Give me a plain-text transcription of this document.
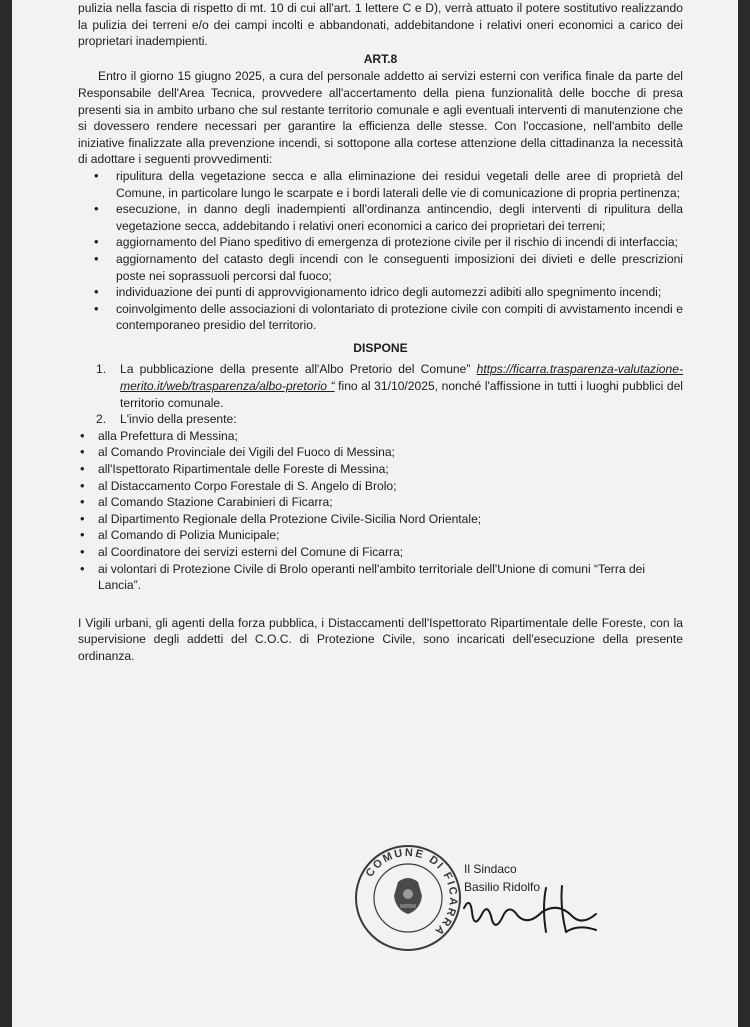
pulizia nella fascia di rispetto di mt. 10 di cui all'art. 1 lettere C e D), verrà attuato il potere sostitutivo realizzando la pulizia dei terreni e/o dei campi incolti e abbandonati, addebitandone i relativi oneri economici a carico dei proprietari inadempienti.

ART.8

Entro il giorno 15 giugno 2025, a cura del personale addetto ai servizi esterni con verifica finale da parte del Responsabile dell'Area Tecnica, provvedere all'accertamento della piena funzionalità delle bocche di presa presenti sia in ambito urbano che sul restante territorio comunale e agli eventuali interventi di manutenzione che si dovessero rendere necessari per garantire la efficienza delle stesse. Con l'occasione, nell'ambito delle iniziative finalizzate alla prevenzione incendi, si sottopone alla cortese attenzione della cittadinanza la necessità di adottare i seguenti provvedimenti:

• ripulitura della vegetazione secca e alla eliminazione dei residui vegetali delle aree di proprietà del Comune, in particolare lungo le scarpate e i bordi laterali delle vie di comunicazione di propria pertinenza;
• esecuzione, in danno degli inadempienti all'ordinanza antincendio, degli interventi di ripulitura della vegetazione secca, addebitando i relativi oneri economici a carico dei proprietari dei terreni;
• aggiornamento del Piano speditivo di emergenza di protezione civile per il rischio di incendi di interfaccia;
• aggiornamento del catasto degli incendi con le conseguenti imposizioni dei divieti e delle prescrizioni poste nei soprassuoli percorsi dal fuoco;
• individuazione dei punti di approvvigionamento idrico degli automezzi adibiti allo spegnimento incendi;
• coinvolgimento delle associazioni di volontariato di protezione civile con compiti di avvistamento incendi e contemporaneo presidio del territorio.

DISPONE

1. La pubblicazione della presente all'Albo Pretorio del Comune” https://ficarra.trasparenza-valutazione-merito.it/web/trasparenza/albo-pretorio “ fino al 31/10/2025, nonché l'affissione in tutti i luoghi pubblici del territorio comunale.

2. L'invio della presente:

• alla Prefettura di Messina;
• al Comando Provinciale dei Vigili del Fuoco di Messina;
• all'Ispettorato Ripartimentale delle Foreste di Messina;
• al Distaccamento Corpo Forestale di S. Angelo di Brolo;
• al Comando Stazione Carabinieri di Ficarra;
• al Dipartimento Regionale della Protezione Civile-Sicilia Nord Orientale;
• al Comando di Polizia Municipale;
• al Coordinatore dei servizi esterni del Comune di Ficarra;
• ai volontari di Protezione Civile di Brolo operanti nell'ambito territoriale dell'Unione di comuni “Terra dei Lancia”.

I Vigili urbani, gli agenti della forza pubblica, i Distaccamenti dell'Ispettorato Ripartimentale delle Foreste, con la supervisione degli addetti del C.O.C. di Protezione Civile, sono incaricati dell'esecuzione della presente ordinanza.

COMUNE DI FICARRA
Il Sindaco
Basilio Ridolfo
